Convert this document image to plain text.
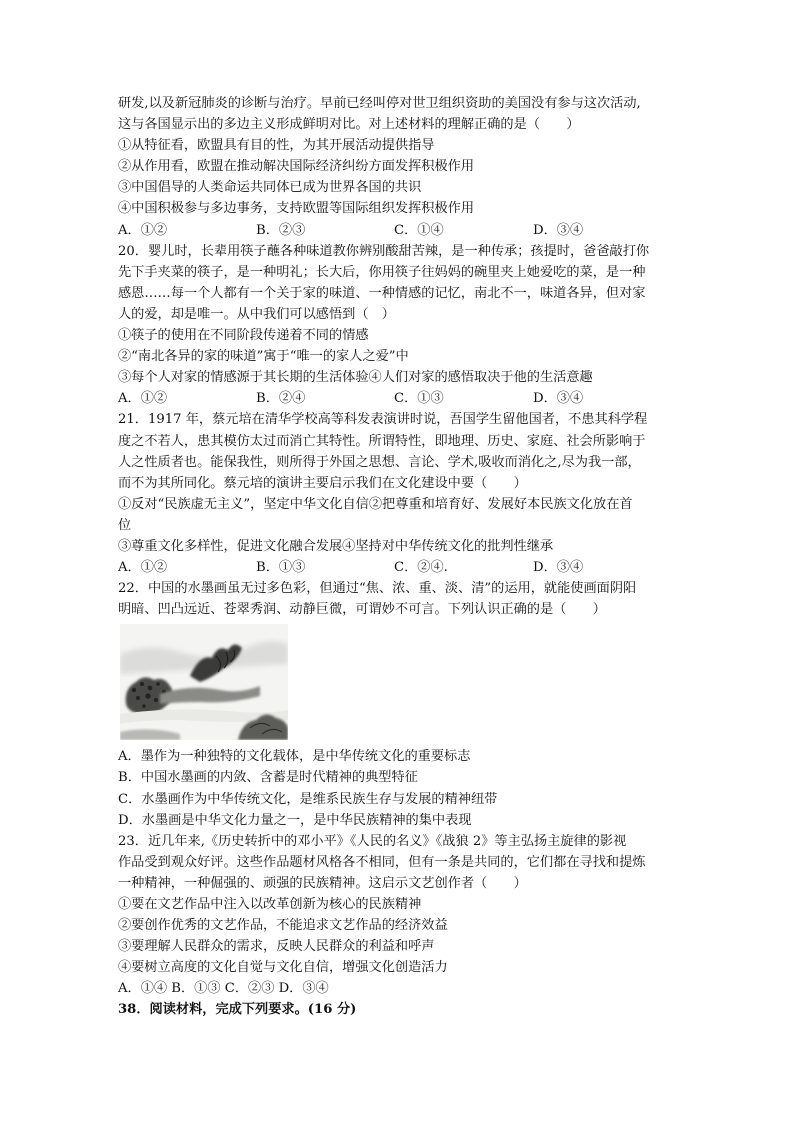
研发,以及新冠肺炎的诊断与治疗。早前已经叫停对世卫组织资助的美国没有参与这次活动,
这与各国显示出的多边主义形成鲜明对比。对上述材料的理解正确的是（　　）
①从特征看，欧盟具有目的性，为其开展活动提供指导
②从作用看，欧盟在推动解决国际经济纠纷方面发挥积极作用
③中国倡导的人类命运共同体已成为世界各国的共识
④中国积极参与多边事务，支持欧盟等国际组织发挥积极作用
A．①②	B．②③	C．①④	D．③④
20．婴儿时，长辈用筷子蘸各种味道教你辨别酸甜苦辣，是一种传承；孩提时，爸爸敲打你
先下手夹菜的筷子，是一种明礼；长大后，你用筷子往妈妈的碗里夹上她爱吃的菜，是一种
感恩……每一个人都有一个关于家的味道、一种情感的记忆，南北不一，味道各异，但对家
人的爱，却是唯一。从中我们可以感悟到（　）
①筷子的使用在不同阶段传递着不同的情感
②“南北各异的家的味道”寓于“唯一的家人之爱”中
③每个人对家的情感源于其长期的生活体验④人们对家的感悟取决于他的生活意趣
A．①②	B．②④	C．①③	D．③④
21．1917 年，蔡元培在清华学校高等科发表演讲时说，吾国学生留他国者，不患其科学程
度之不若人，患其模仿太过而消亡其特性。所谓特性，即地理、历史、家庭、社会所影响于
人之性质者也。能保我性，则所得于外国之思想、言论、学术,吸收而消化之,尽为我一部，
而不为其所同化。蔡元培的演讲主要启示我们在文化建设中要（　　）
①反对“民族虚无主义”，坚定中华文化自信②把尊重和培育好、发展好本民族文化放在首
位
③尊重文化多样性，促进文化融合发展④坚持对中华传统文化的批判性继承
A．①②	B．①③	C．②④.	D．③④
22．中国的水墨画虽无过多色彩，但通过“焦、浓、重、淡、清”的运用，就能使画面阴阳
明暗、凹凸远近、苍翠秀润、动静巨微，可谓妙不可言。下列认识正确的是（　　）
A．墨作为一种独特的文化载体，是中华传统文化的重要标志
B．中国水墨画的内敛、含蓄是时代精神的典型特征
C．水墨画作为中华传统文化，是维系民族生存与发展的精神纽带
D．水墨画是中华文化力量之一，是中华民族精神的集中表现
23．近几年来,《历史转折中的邓小平》《人民的名义》《战狼 2》等主弘扬主旋律的影视
作品受到观众好评。这些作品题材风格各不相同，但有一条是共同的，它们都在寻找和提炼
一种精神，一种倔强的、顽强的民族精神。这启示文艺创作者（　　）
①要在文艺作品中注入以改革创新为核心的民族精神
②要创作优秀的文艺作品，不能追求文艺作品的经济效益
③要理解人民群众的需求，反映人民群众的利益和呼声
④要树立高度的文化自觉与文化自信，增强文化创造活力
A．①④ B．①③ C．②③ D．③④
38．阅读材料，完成下列要求。(16 分)
